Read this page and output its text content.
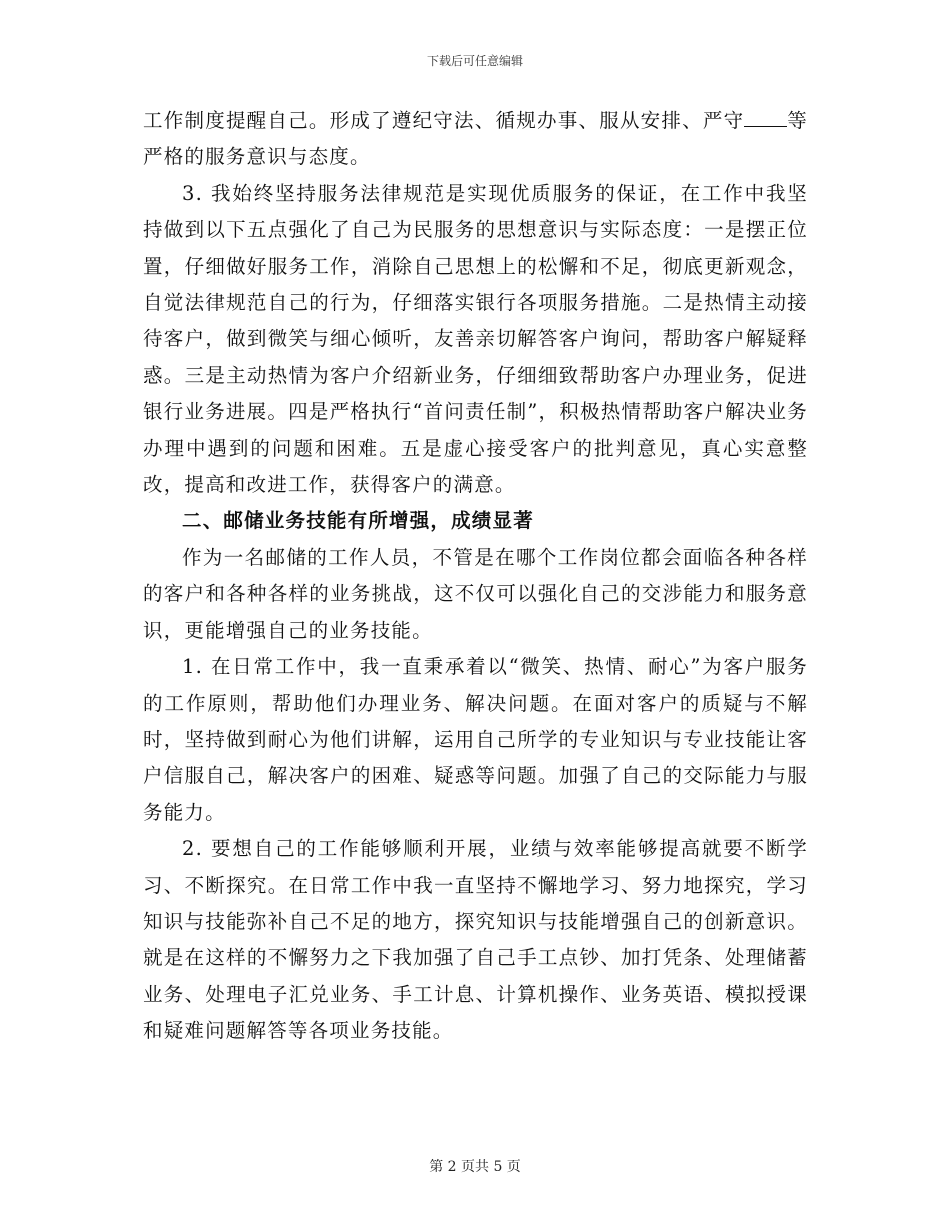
下载后可任意编辑

工作制度提醒自己。形成了遵纪守法、循规办事、服从安排、严守 等严格的服务意识与态度。

3. 我始终坚持服务法律规范是实现优质服务的保证，在工作中我坚持做到以下五点强化了自己为民服务的思想意识与实际态度：一是摆正位置，仔细做好服务工作，消除自己思想上的松懈和不足，彻底更新观念，自觉法律规范自己的行为，仔细落实银行各项服务措施。二是热情主动接待客户，做到微笑与细心倾听，友善亲切解答客户询问，帮助客户解疑释惑。三是主动热情为客户介绍新业务，仔细细致帮助客户办理业务，促进银行业务进展。四是严格执行“首问责任制”，积极热情帮助客户解决业务办理中遇到的问题和困难。五是虚心接受客户的批判意见，真心实意整改，提高和改进工作，获得客户的满意。

二、邮储业务技能有所增强，成绩显著

作为一名邮储的工作人员，不管是在哪个工作岗位都会面临各种各样的客户和各种各样的业务挑战，这不仅可以强化自己的交涉能力和服务意识，更能增强自己的业务技能。

1. 在日常工作中，我一直秉承着以“微笑、热情、耐心”为客户服务的工作原则，帮助他们办理业务、解决问题。在面对客户的质疑与不解时，坚持做到耐心为他们讲解，运用自己所学的专业知识与专业技能让客户信服自己，解决客户的困难、疑惑等问题。加强了自己的交际能力与服务能力。

2. 要想自己的工作能够顺利开展，业绩与效率能够提高就要不断学习、不断探究。在日常工作中我一直坚持不懈地学习、努力地探究，学习知识与技能弥补自己不足的地方，探究知识与技能增强自己的创新意识。就是在这样的不懈努力之下我加强了自己手工点钞、加打凭条、处理储蓄业务、处理电子汇兑业务、手工计息、计算机操作、业务英语、模拟授课和疑难问题解答等各项业务技能。

第 2 页共 5 页
